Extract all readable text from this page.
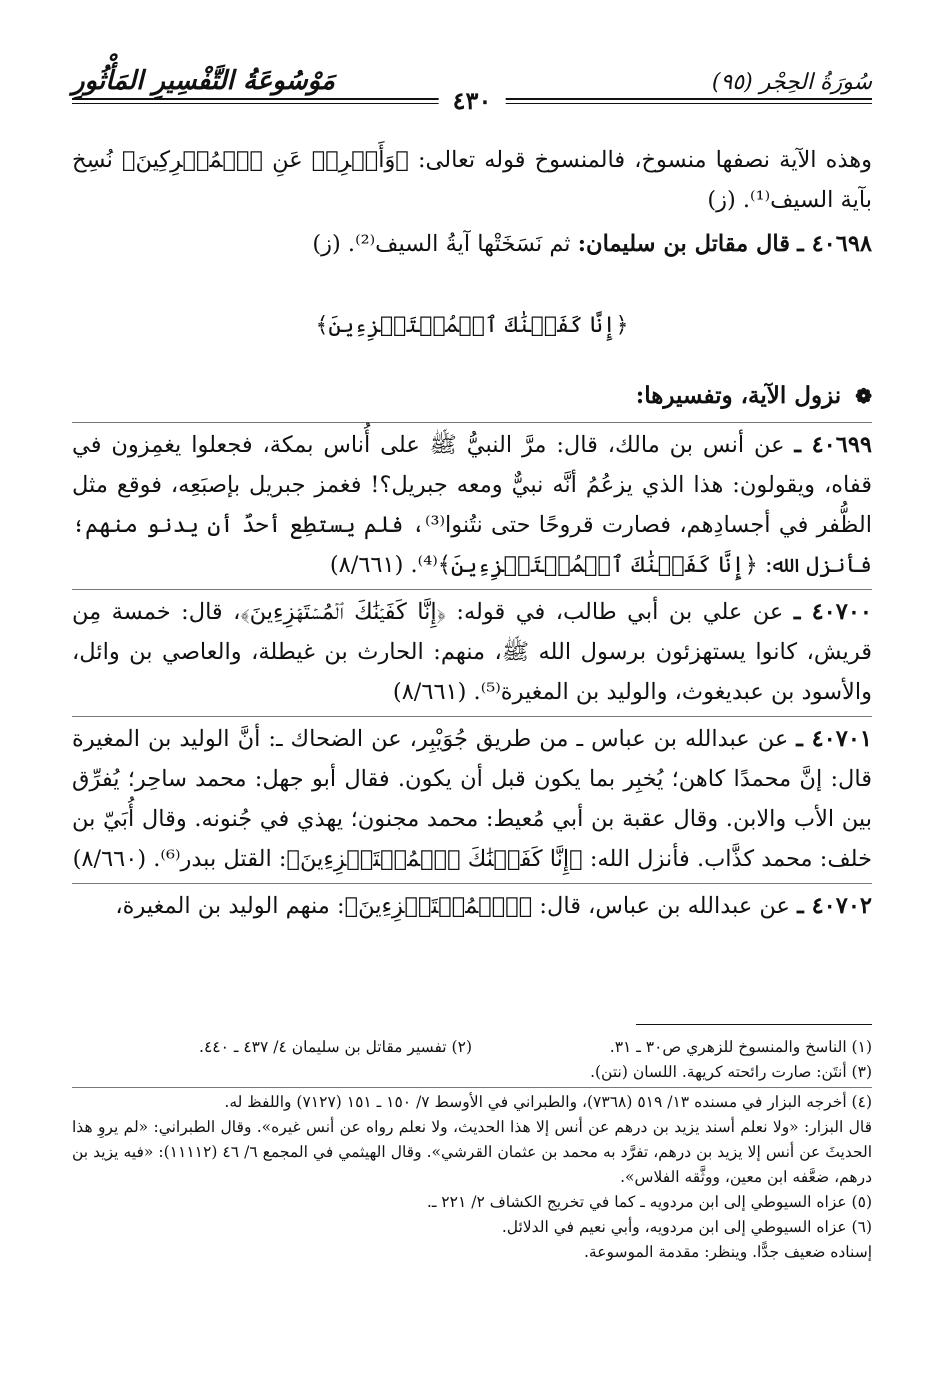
سُورَةُ الحِجْر (٩٥)
مَوْسُوعَةُ التَّفْسِيرِ المَأْثُورِ
٤٣٠

وهذه الآية نصفها منسوخ، فالمنسوخ قوله تعالى: ﴿وَأَعۡرِضۡ عَنِ ٱلۡمُشۡرِكِينَ﴾ نُسِخ بآية السيف⁽¹⁾. (ز)

٤٠٦٩٨ ـ قال مقاتل بن سليمان: ثم نَسَخَتْها آيةُ السيف⁽²⁾. (ز)

﴿إِنَّا كَفَيۡنَٰكَ ٱلۡمُسۡتَهۡزِءِينَ﴾
❁ نزول الآية، وتفسيرها:

٤٠٦٩٩ ـ عن أنس بن مالك، قال: مرَّ النبيُّ ﷺ على أُناس بمكة، فجعلوا يغمِزون في قفاه، ويقولون: هذا الذي يزعُمُ أنَّه نبيٌّ ومعه جبريل؟! فغمز جبريل بإصبَعِه، فوقع مثل الظُّفر في أجسادِهم، فصارت قروحًا حتى نتُنوا⁽³⁾، فلم يستطِع أحدٌ أن يدنو منهم؛ فأنزل الله: ﴿إِنَّا كَفَيۡنَٰكَ ٱلۡمُسۡتَهۡزِءِينَ﴾⁽⁴⁾. (٨/٦٦١)

٤٠٧٠٠ ـ عن علي بن أبي طالب، في قوله: ﴿إِنَّا كَفَيۡنَٰكَ ٱلۡمُسۡتَهۡزِءِينَ﴾، قال: خمسة مِن قريش، كانوا يستهزئون برسول الله ﷺ، منهم: الحارث بن غيطلة، والعاصي بن وائل، والأسود بن عبديغوث، والوليد بن المغيرة⁽⁵⁾. (٨/٦٦١)

٤٠٧٠١ ـ عن عبدالله بن عباس ـ من طريق جُوَيْبِر، عن الضحاك ـ: أنَّ الوليد بن المغيرة قال: إنَّ محمدًا كاهن؛ يُخبِر بما يكون قبل أن يكون. فقال أبو جهل: محمد ساحِر؛ يُفرِّق بين الأب والابن. وقال عقبة بن أبي مُعيط: محمد مجنون؛ يهذي في جُنونه. وقال أُبَيّ بن خلف: محمد كذَّاب. فأنزل الله: ﴿إِنَّا كَفَيۡنَٰكَ ٱلۡمُسۡتَهۡزِءِينَ﴾: القتل ببدر⁽⁶⁾. (٨/٦٦٠)

٤٠٧٠٢ ـ عن عبدالله بن عباس، قال: ﴿ٱلۡمُسۡتَهۡزِءِينَ﴾: منهم الوليد بن المغيرة،

(١) الناسخ والمنسوخ للزهري ص٣٠ ـ ٣١.
(٢) تفسير مقاتل بن سليمان ٤/ ٤٣٧ ـ ٤٤٠.

(٣) أنتَن: صارت رائحته كريهة. اللسان (نتن).

(٤) أخرجه البزار في مسنده ١٣/ ٥١٩ (٧٣٦٨)، والطبراني في الأوسط ٧/ ١٥٠ ـ ١٥١ (٧١٢٧) واللفظ له.

قال البزار: «ولا نعلم أسند يزيد بن درهم عن أنس إلا هذا الحديث، ولا نعلم رواه عن أنس غيره». وقال الطبراني: «لم يروِ هذا الحديثَ عن أنس إلا يزيد بن درهم، تفرَّد به محمد بن عثمان القرشي». وقال الهيثمي في المجمع ٦/ ٤٦ (١١١١٢): «فيه يزيد بن درهم، ضعَّفه ابن معين، ووثَّقه الفلاس».

(٥) عزاه السيوطي إلى ابن مردويه ـ كما في تخريج الكشاف ٢/ ٢٢١ ـ.

(٦) عزاه السيوطي إلى ابن مردويه، وأبي نعيم في الدلائل.

إسناده ضعيف جدًّا. وينظر: مقدمة الموسوعة.
